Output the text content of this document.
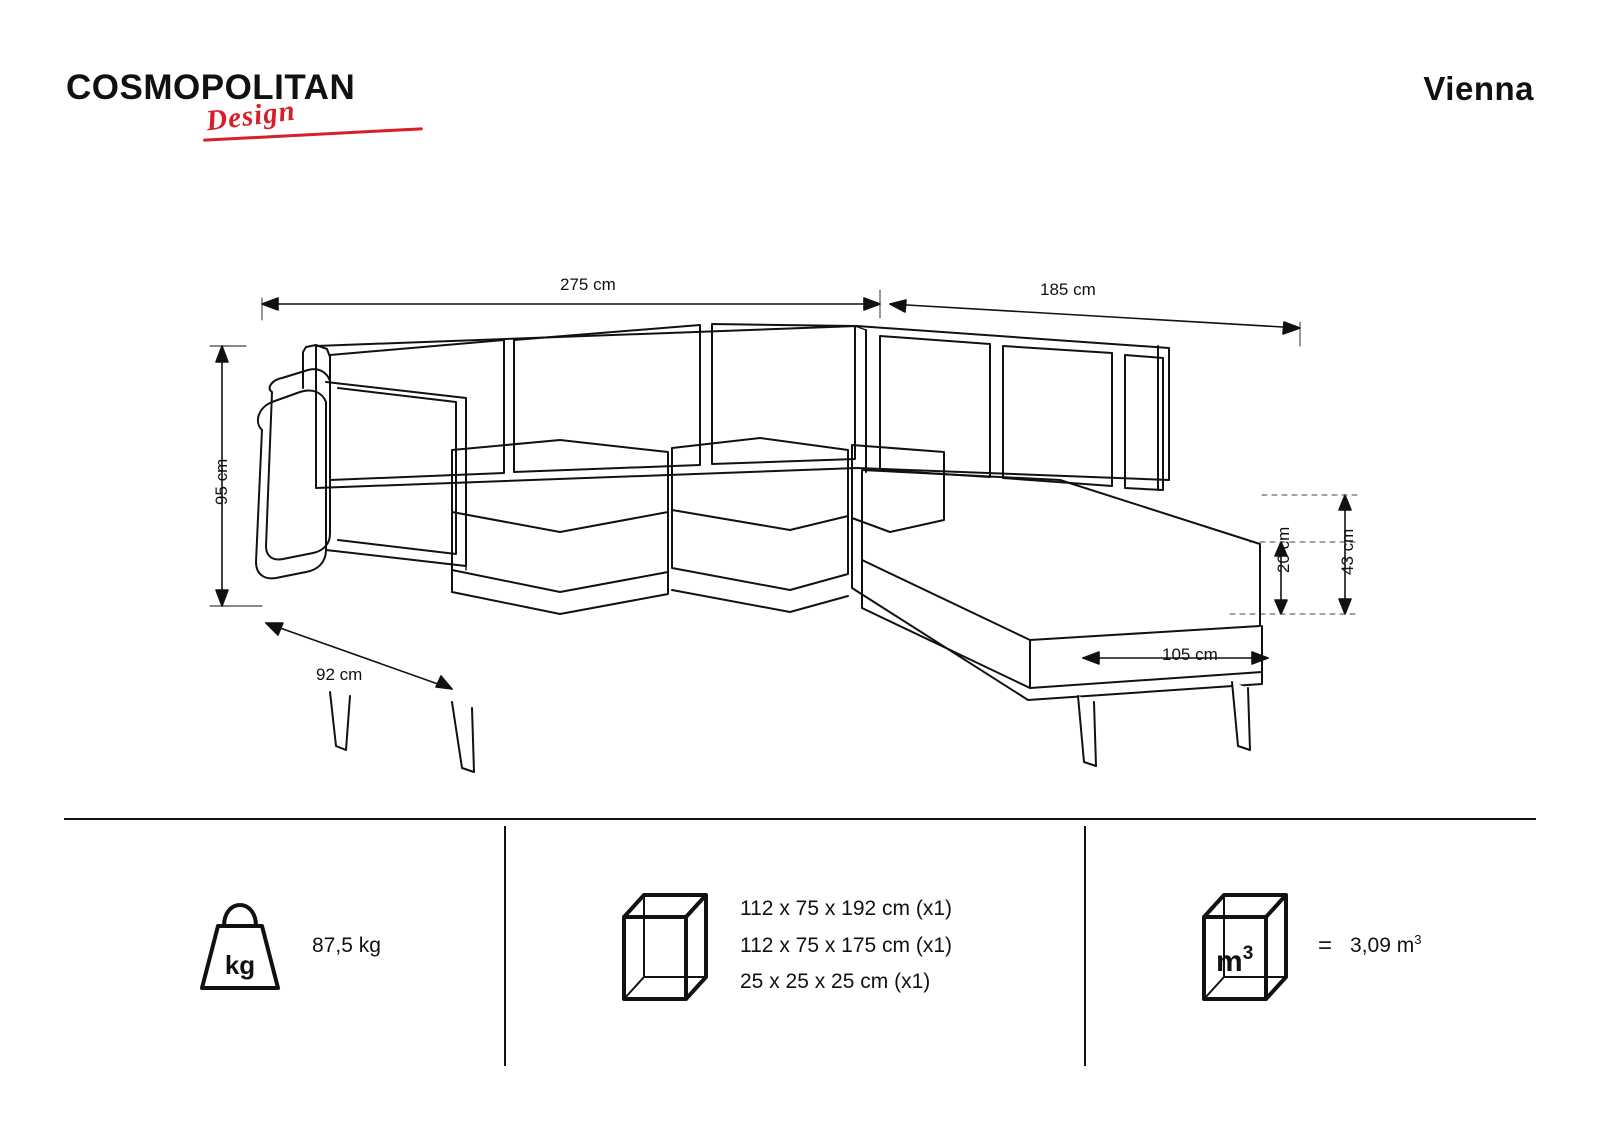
COSMOPOLITAN
Design
Vienna
275 cm	185 cm
95 cm
92 cm
105 cm
43 cm
20 cm
kg
87,5 kg
112 x 75 x 192 cm (x1)
112 x 75 x 175 cm (x1)
25 x 25 x 25 cm (x1)
$m^3$	= 3,09 $m^3$
